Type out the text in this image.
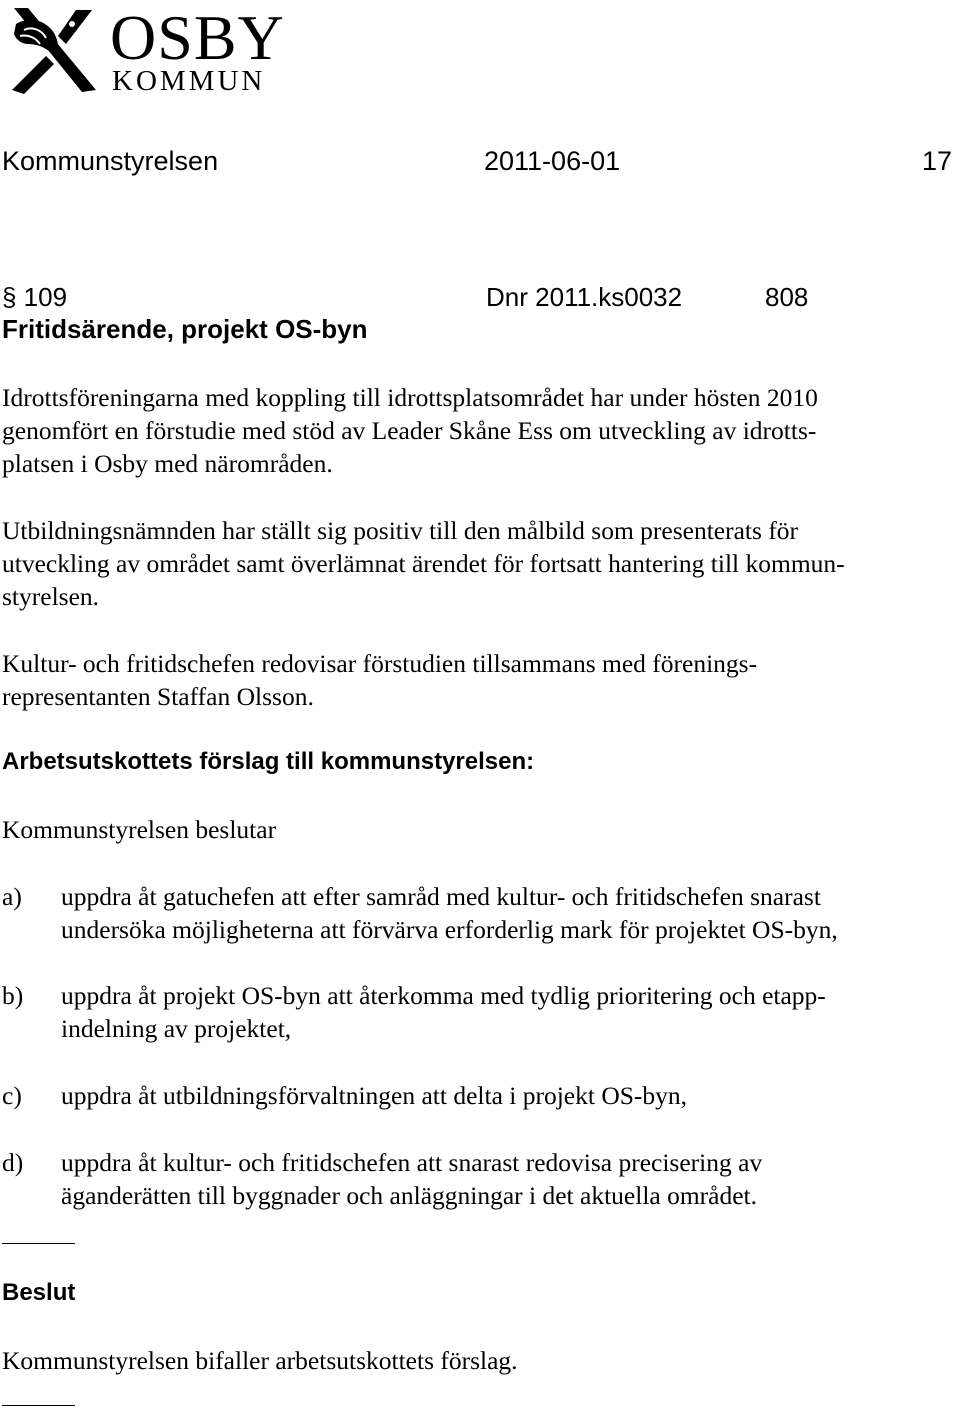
OSBY
KOMMUN
Kommunstyrelsen	2011-06-01	17
§ 109	Dnr 2011.ks0032	808
Fritidsärende, projekt OS-byn
Idrottsföreningarna med koppling till idrottsplatsområdet har under hösten 2010
genomfört en förstudie med stöd av Leader Skåne Ess om utveckling av idrotts-
platsen i Osby med närområden.
Utbildningsnämnden har ställt sig positiv till den målbild som presenterats för
utveckling av området samt överlämnat ärendet för fortsatt hantering till kommun-
styrelsen.
Kultur- och fritidschefen redovisar förstudien tillsammans med förenings-
representanten Staffan Olsson.
Arbetsutskottets förslag till kommunstyrelsen:
Kommunstyrelsen beslutar
a) uppdra åt gatuchefen att efter samråd med kultur- och fritidschefen snarast
undersöka möjligheterna att förvärva erforderlig mark för projektet OS-byn,
b) uppdra åt projekt OS-byn att återkomma med tydlig prioritering och etapp-
indelning av projektet,
c) uppdra åt utbildningsförvaltningen att delta i projekt OS-byn,
d) uppdra åt kultur- och fritidschefen att snarast redovisa precisering av
äganderätten till byggnader och anläggningar i det aktuella området.
Beslut
Kommunstyrelsen bifaller arbetsutskottets förslag.
